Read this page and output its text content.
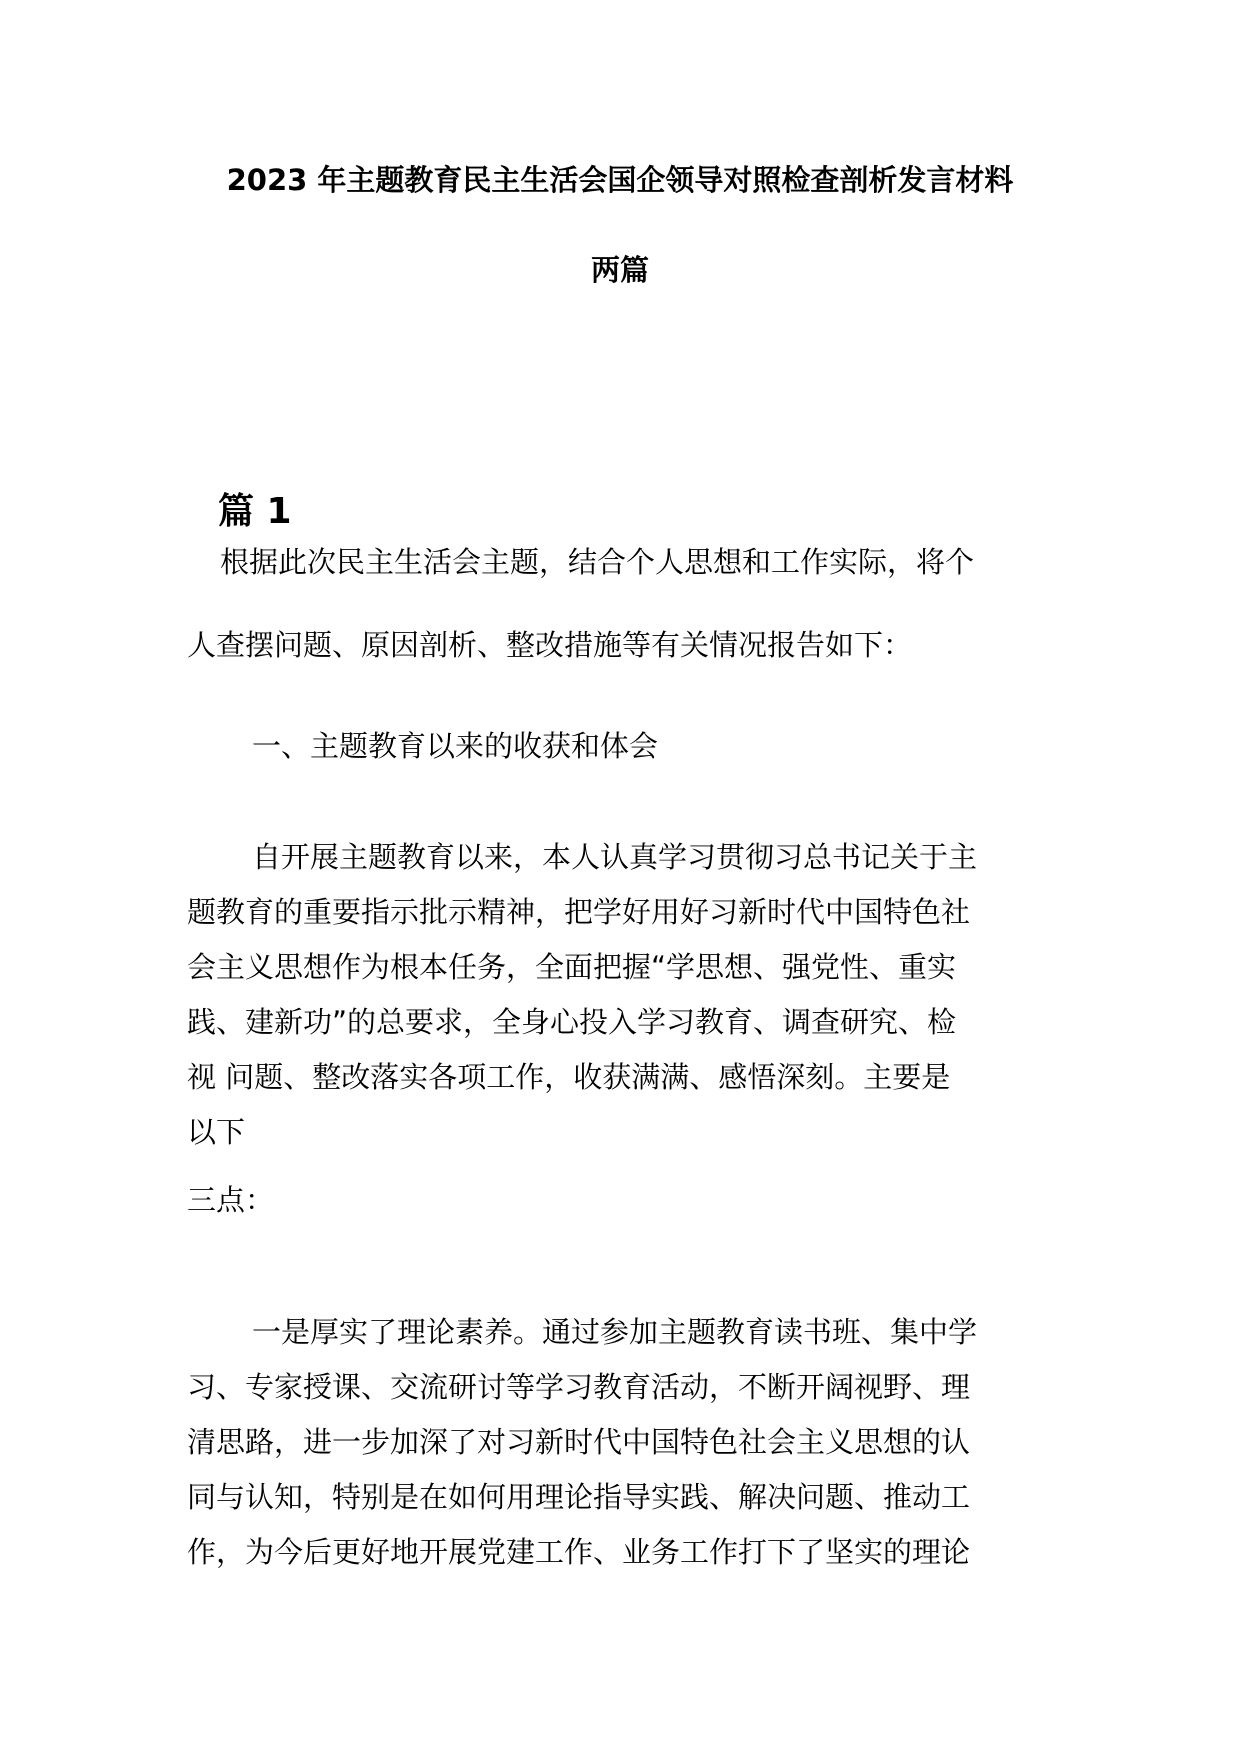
2023 年主题教育民主生活会国企领导对照检查剖析发言材料
两篇
篇 1
根据此次民主生活会主题，结合个人思想和工作实际，将个
人查摆问题、原因剖析、整改措施等有关情况报告如下：
一、主题教育以来的收获和体会
自开展主题教育以来，本人认真学习贯彻习总书记关于主
题教育的重要指示批示精神，把学好用好习新时代中国特色社
会主义思想作为根本任务，全面把握“学思想、强党性、重实
践、建新功”的总要求，全身心投入学习教育、调查研究、检
视 问题、整改落实各项工作，收获满满、感悟深刻。主要是
以下
三点：
一是厚实了理论素养。通过参加主题教育读书班、集中学
习、专家授课、交流研讨等学习教育活动，不断开阔视野、理
清思路，进一步加深了对习新时代中国特色社会主义思想的认
同与认知，特别是在如何用理论指导实践、解决问题、推动工
作，为今后更好地开展党建工作、业务工作打下了坚实的理论
